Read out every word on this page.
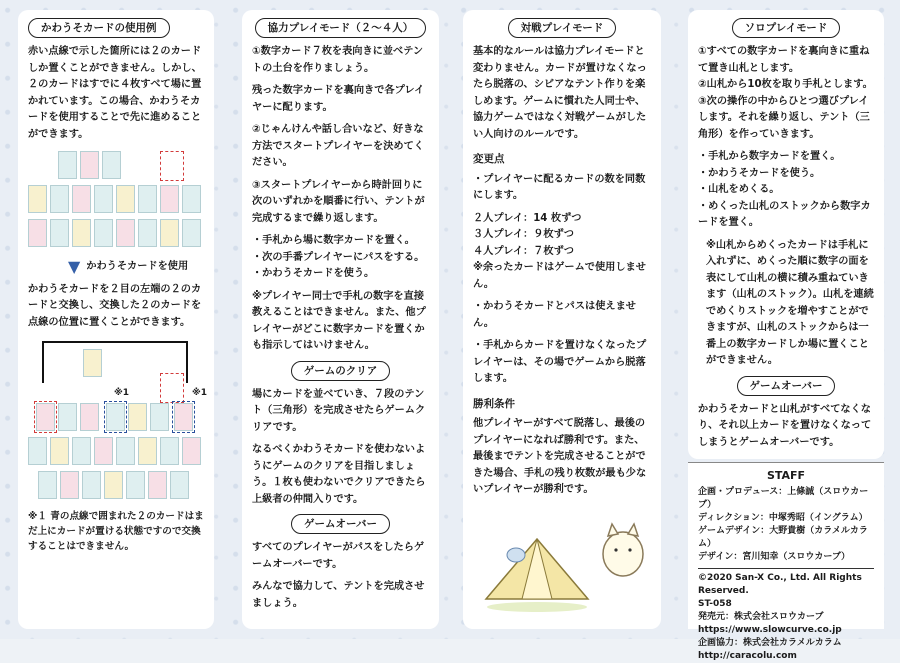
かわうそカードの使用例

赤い点線で示した箇所には２のカードしか置くことができません。しかし、２のカードはすでに４枚すべて場に置かれています。この場合、かわうそカードを使用することで先に進めることができます。

▼ かわうそカードを使用

かわうそカードを２目の左端の２のカードと交換し、交換した２のカードを点線の位置に置くことができます。

※1	※1

※１ 青の点線で囲まれた２のカードはまだ上にカードが置ける状態ですので交換することはできません。

協力プレイモード（２〜４人）

①数字カード７枚を表向きに並べテントの土台を作りましょう。

残った数字カードを裏向きで各プレイヤーに配ります。

②じゃんけんや話し合いなど、好きな方法でスタートプレイヤーを決めてください。

③スタートプレイヤーから時計回りに次のいずれかを順番に行い、テントが完成するまで繰り返します。

・手札から場に数字カードを置く。

・次の手番プレイヤーにパスをする。

・かわうそカードを使う。

※プレイヤー同士で手札の数字を直接教えることはできません。また、他プレイヤーがどこに数字カードを置くかも指示してはいけません。

ゲームのクリア

場にカードを並べていき、７段のテント（三角形）を完成させたらゲームクリアです。

なるべくかわうそカードを使わないようにゲームのクリアを目指しましょう。１枚も使わないでクリアできたら上級者の仲間入りです。

ゲームオーバー

すべてのプレイヤーがパスをしたらゲームオーバーです。

みんなで協力して、テントを完成させましょう。

対戦プレイモード

基本的なルールは協力プレイモードと変わりません。カードが置けなくなったら脱落の、シビアなテント作りを楽しめます。ゲームに慣れた人同士や、協力ゲームではなく対戦ゲームがしたい人向けのルールです。

変更点

・プレイヤーに配るカードの数を同数にします。

２人プレイ：14 枚ずつ

３人プレイ：９枚ずつ

４人プレイ：７枚ずつ

※余ったカードはゲームで使用しません。

・かわうそカードとパスは使えません。

・手札からカードを置けなくなったプレイヤーは、その場でゲームから脱落します。

勝利条件

他プレイヤーがすべて脱落し、最後のプレイヤーになれば勝利です。また、最後までテントを完成させることができた場合、手札の残り枚数が最も少ないプレイヤーが勝利です。

ソロプレイモード

①すべての数字カードを裏向きに重ねて置き山札とします。

②山札から10枚を取り手札とします。

③次の操作の中からひとつ選びプレイします。それを繰り返し、テント（三角形）を作っていきます。

・手札から数字カードを置く。

・かわうそカードを使う。

・山札をめくる。

・めくった山札のストックから数字カードを置く。

※山札からめくったカードは手札に入れずに、めくった順に数字の面を表にして山札の横に積み重ねていきます（山札のストック）。山札を連続でめくりストックを増やすことができますが、山札のストックからは一番上の数字カードしか場に置くことができません。

ゲームオーバー

かわうそカードと山札がすべてなくなり、それ以上カードを置けなくなってしまうとゲームオーバーです。

STAFF
企画・プロデュース：上條誠（スロウカーブ）
ディレクション：中塚秀昭（イングラム）
ゲームデザイン：大野貴樹（カラメルカラム）
デザイン：宮川知幸（スロウカーブ）
©2020 San-X Co., Ltd. All Rights Reserved.
ST-058
発売元：株式会社スロウカーブ
https://www.slowcurve.co.jp
企画協力：株式会社カラメルカラム
http://caracolu.com
